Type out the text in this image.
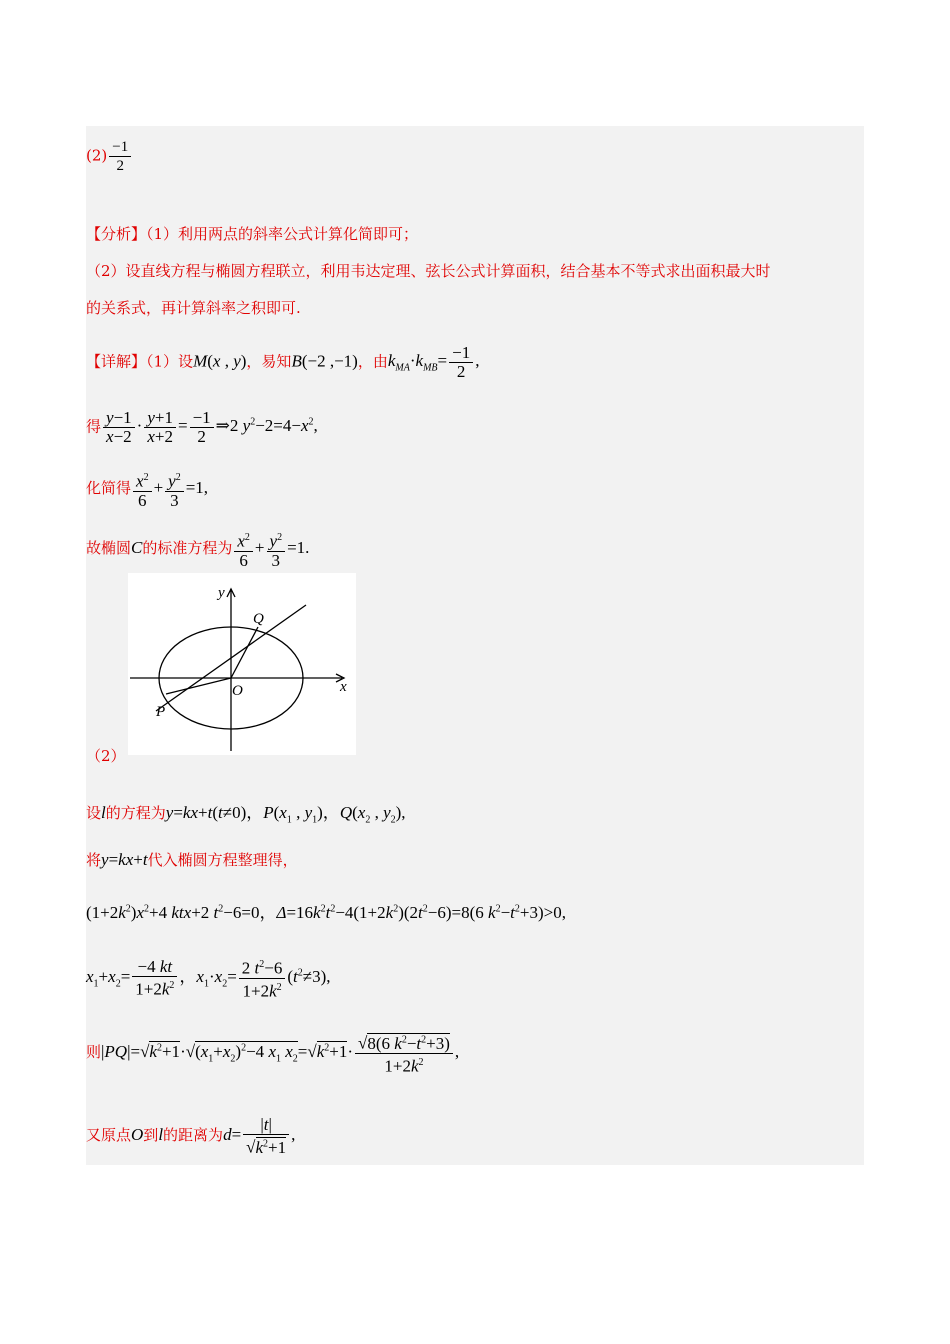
$(2) \frac{-1}{2}$
【分析】（1）利用两点的斜率公式计算化简即可；
（2）设直线方程与椭圆方程联立，利用韦达定理、弦长公式计算面积，结合基本不等式求出面积最大时
的关系式，再计算斜率之积即可.
【详解】（1）设M(x , y)，易知B(−2 ,−1)，由$k_{MA}\cdot k_{MB}= \frac{-1}{2}$ ,
得 $\frac{y-1}{x-2} \cdot \frac{y+1}{x+2} = \frac{-1}{2}$ ⇒2 $y^2-2=4-x^2$,
化简得 $\frac{x^2}{6} + \frac{y^2}{3} =1$,
故椭圆C的标准方程为 $\frac{x^2}{6} + \frac{y^2}{3} =1$.
y
x
O
P
Q
（2）
设l的方程为y=kx+t(t≠0)，$P(x_1$ , $y_1$)，$Q(x_2$ , $y_2$),
将y=kx+t代入椭圆方程整理得，
$(1+2k^2)x^2+4$ ktx+2 $t^2-6=0$，$\Delta=16k^2t^2-4(1+2k^2)(2t^2-6)=8(6$ $k^2-t^2+3)>0$,
$x_1+x_2= \frac{-4 kt}{1+2k^2}$ ，$x_1\cdot x_2= \frac{2 t^2-6}{1+2k^2} (t^2\ne 3)$,
则$|PQ|=√k^2+1\cdot√(x_1+x_2)^2-4$ $x_1$ $x_2=√k^2+1\cdot \frac{√8(6 k^2-t^2+3)}{1+2k^2}$ ,
又原点O到l的距离为$d= \frac{|t|}{√k^2+1}$ ,
